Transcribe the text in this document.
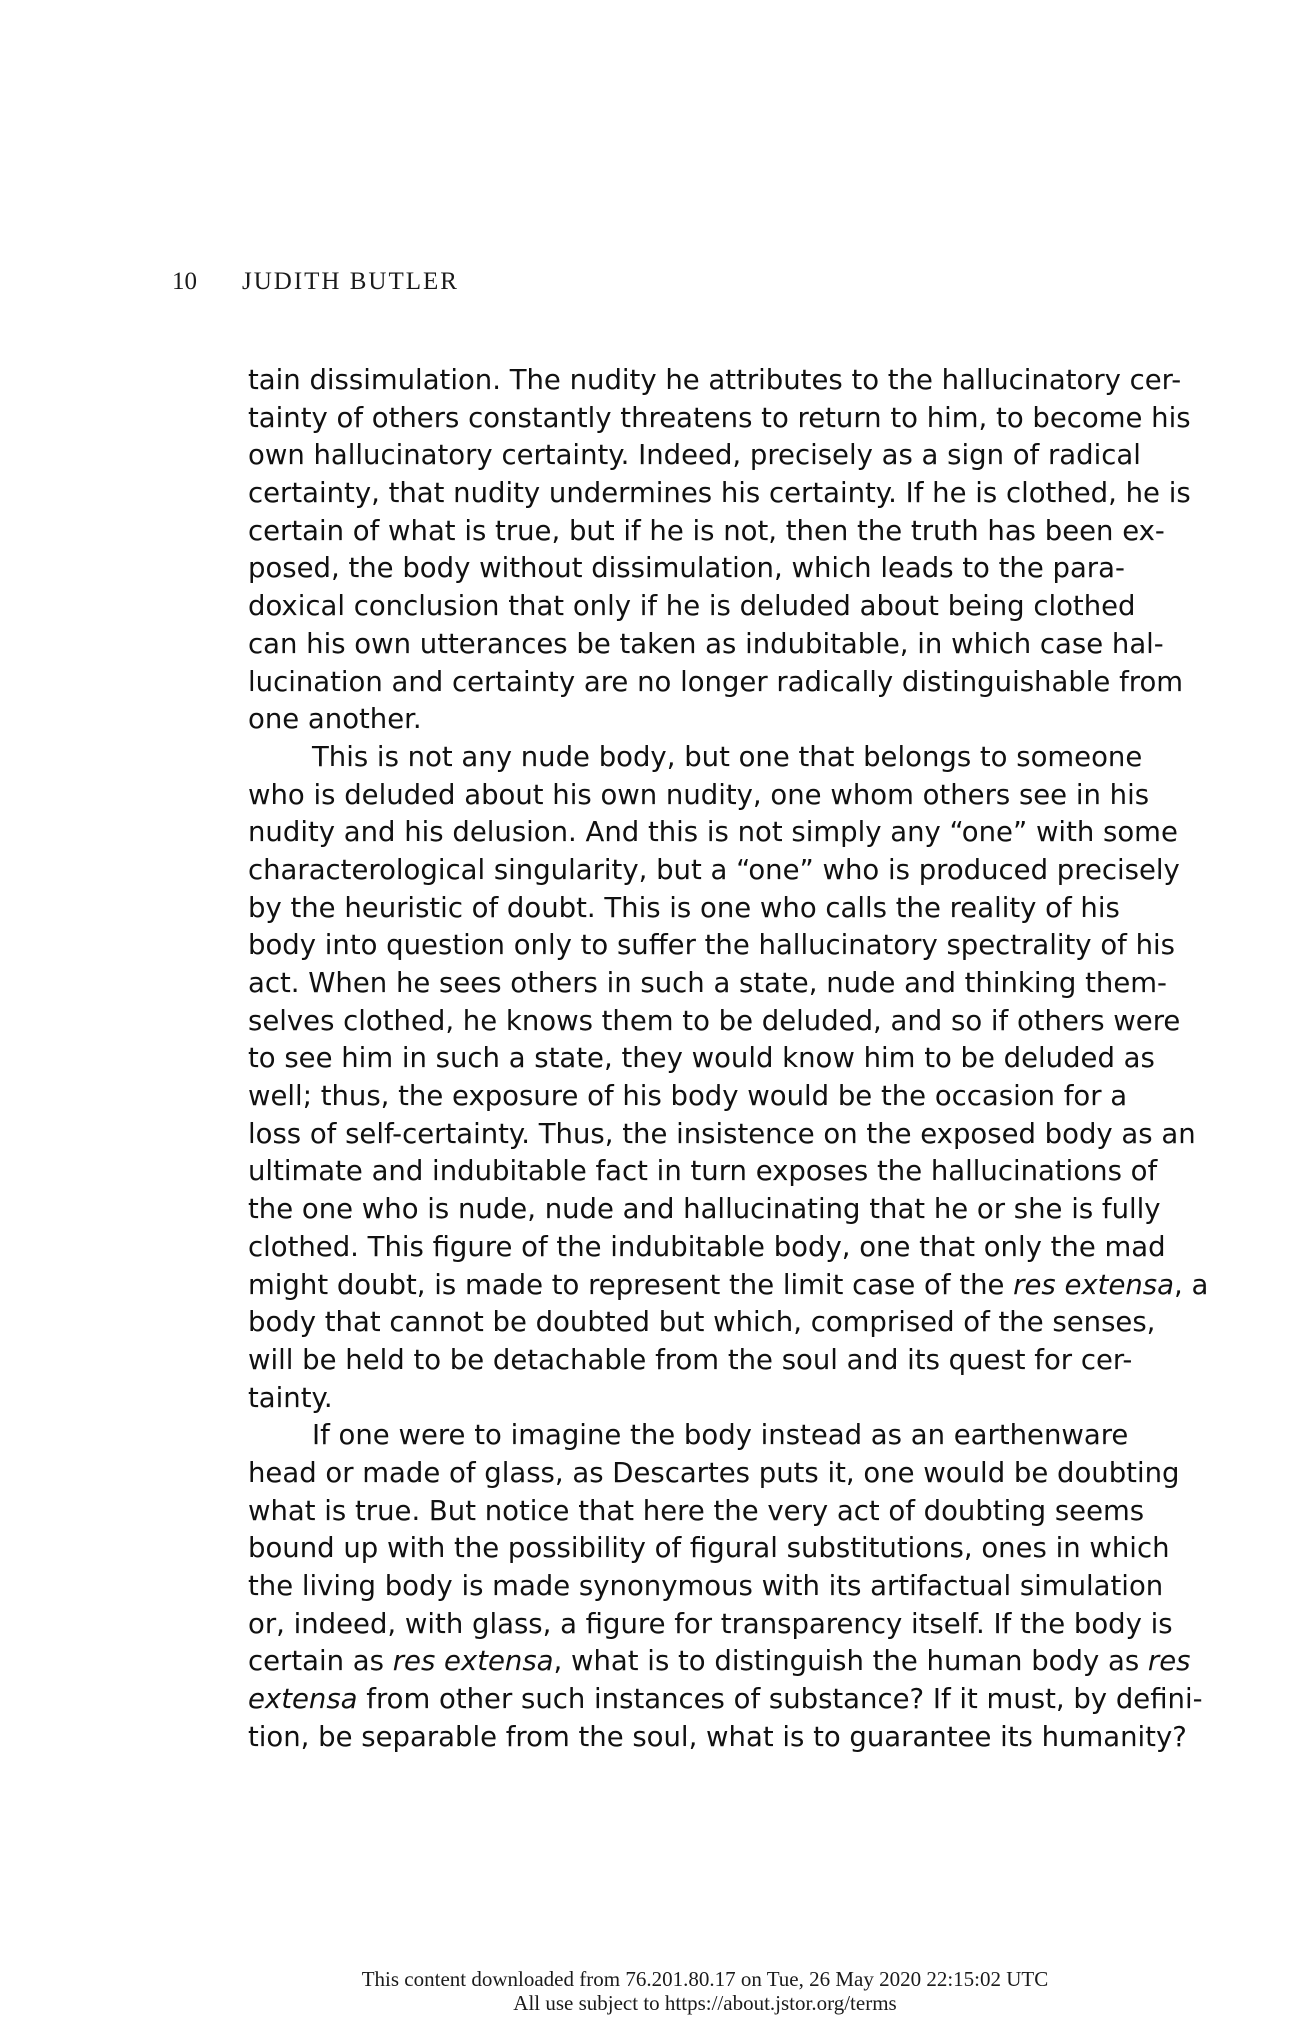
10 JUDITH BUTLER
tain dissimulation. The nudity he attributes to the hallucinatory cer-
tainty of others constantly threatens to return to him, to become his
own hallucinatory certainty. Indeed, precisely as a sign of radical
certainty, that nudity undermines his certainty. If he is clothed, he is
certain of what is true, but if he is not, then the truth has been ex-
posed, the body without dissimulation, which leads to the para-
doxical conclusion that only if he is deluded about being clothed
can his own utterances be taken as indubitable, in which case hal-
lucination and certainty are no longer radically distinguishable from
one another.
This is not any nude body, but one that belongs to someone
who is deluded about his own nudity, one whom others see in his
nudity and his delusion. And this is not simply any “one” with some
characterological singularity, but a “one” who is produced precisely
by the heuristic of doubt. This is one who calls the reality of his
body into question only to suffer the hallucinatory spectrality of his
act. When he sees others in such a state, nude and thinking them-
selves clothed, he knows them to be deluded, and so if others were
to see him in such a state, they would know him to be deluded as
well; thus, the exposure of his body would be the occasion for a
loss of self-certainty. Thus, the insistence on the exposed body as an
ultimate and indubitable fact in turn exposes the hallucinations of
the one who is nude, nude and hallucinating that he or she is fully
clothed. This figure of the indubitable body, one that only the mad
might doubt, is made to represent the limit case of the res extensa, a
body that cannot be doubted but which, comprised of the senses,
will be held to be detachable from the soul and its quest for cer-
tainty.
If one were to imagine the body instead as an earthenware
head or made of glass, as Descartes puts it, one would be doubting
what is true. But notice that here the very act of doubting seems
bound up with the possibility of figural substitutions, ones in which
the living body is made synonymous with its artifactual simulation
or, indeed, with glass, a figure for transparency itself. If the body is
certain as res extensa, what is to distinguish the human body as res
extensa from other such instances of substance? If it must, by defini-
tion, be separable from the soul, what is to guarantee its humanity?
This content downloaded from 76.201.80.17 on Tue, 26 May 2020 22:15:02 UTC
All use subject to https://about.jstor.org/terms
